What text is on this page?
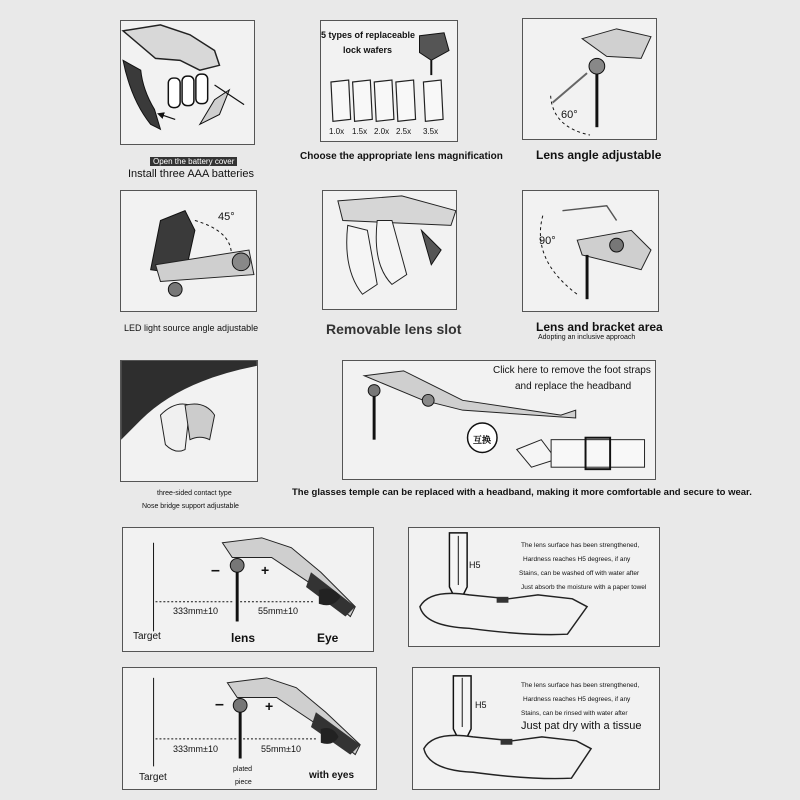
Open the battery cover
Install three AAA batteries
5 types of replaceable
lock wafers
1.0x 1.5x 2.0x 2.5x 3.5x
Choose the appropriate lens magnification
60°
Lens angle adjustable
45°
LED light source angle adjustable	Removable lens slot
90°
Lens and bracket area
Adopting an inclusive approach
three-sided contact type
Nose bridge support adjustable
Click here to remove the foot straps
and replace the headband
互换
The glasses temple can be replaced with a headband, making it more comfortable and secure to wear.
–	+
333mm±10	55mm±10
Target	lens	Eye
H5
The lens surface has been strengthened,
Hardness reaches H5 degrees, if any
Stains, can be washed off with water after
Just absorb the moisture with a paper towel
–	+
333mm±10	55mm±10
Target
plated
piece
with eyes
H5
The lens surface has been strengthened,
Hardness reaches H5 degrees, if any
Stains, can be rinsed with water after
Just pat dry with a tissue
